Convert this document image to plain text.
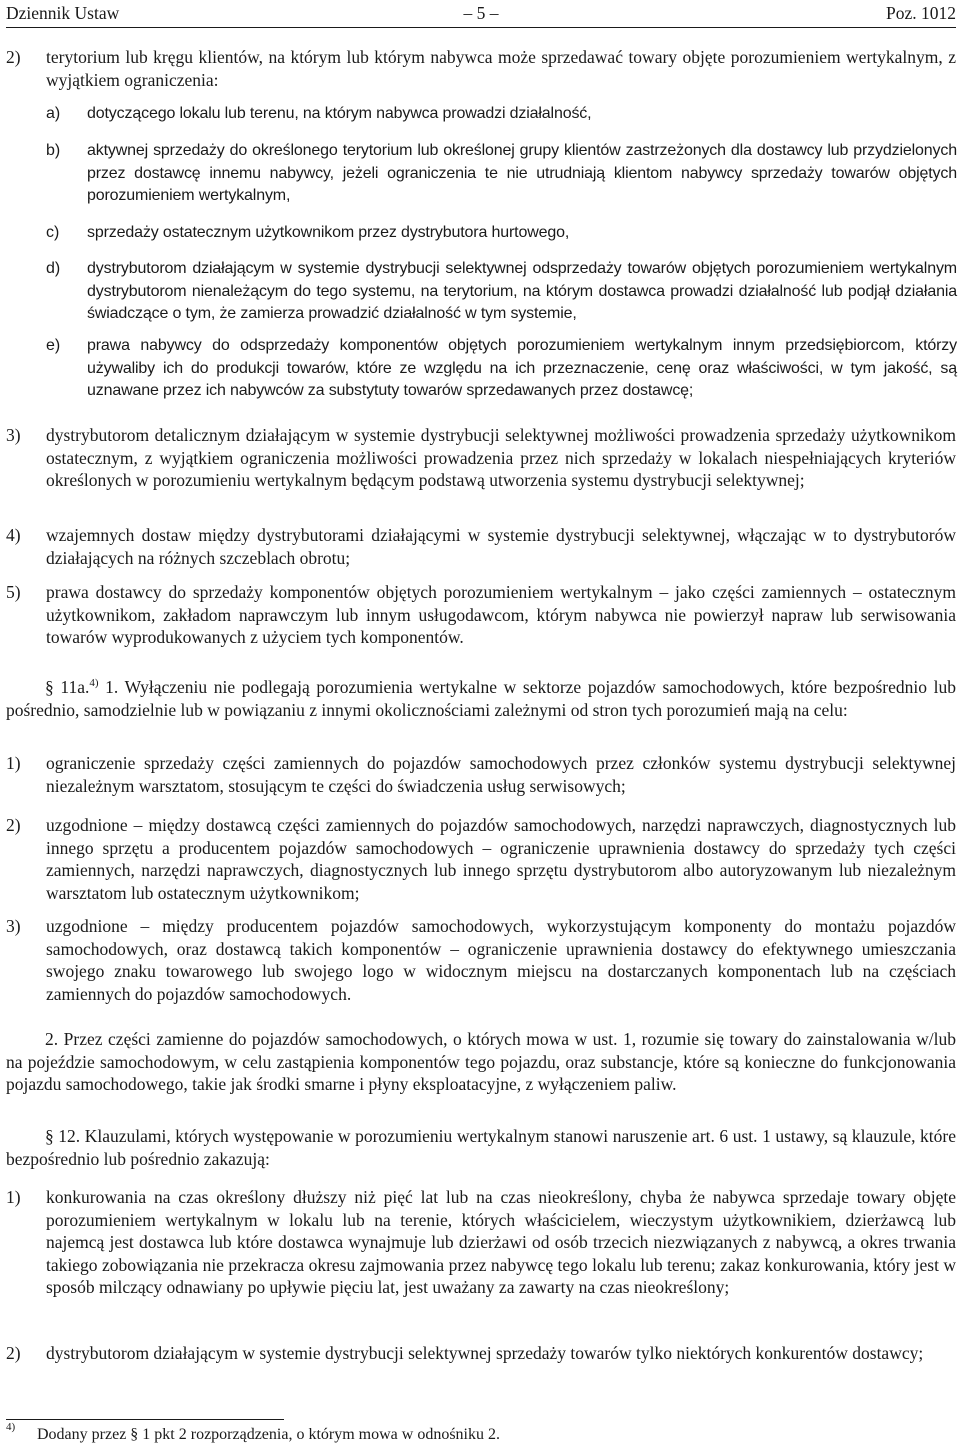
Dziennik Ustaw	– 5 –	Poz. 1012
2) terytorium lub kręgu klientów, na którym lub którym nabywca może sprzedawać towary objęte porozumieniem wertykalnym, z wyjątkiem ograniczenia:
a) dotyczącego lokalu lub terenu, na którym nabywca prowadzi działalność,
b) aktywnej sprzedaży do określonego terytorium lub określonej grupy klientów zastrzeżonych dla dostawcy lub przydzielonych przez dostawcę innemu nabywcy, jeżeli ograniczenia te nie utrudniają klientom nabywcy sprzedaży towarów objętych porozumieniem wertykalnym,
c) sprzedaży ostatecznym użytkownikom przez dystrybutora hurtowego,
d) dystrybutorom działającym w systemie dystrybucji selektywnej odsprzedaży towarów objętych porozumieniem wertykalnym dystrybutorom nienależącym do tego systemu, na terytorium, na którym dostawca prowadzi działalność lub podjął działania świadczące o tym, że zamierza prowadzić działalność w tym systemie,
e) prawa nabywcy do odsprzedaży komponentów objętych porozumieniem wertykalnym innym przedsiębiorcom, którzy używaliby ich do produkcji towarów, które ze względu na ich przeznaczenie, cenę oraz właściwości, w tym jakość, są uznawane przez ich nabywców za substytuty towarów sprzedawanych przez dostawcę;
3) dystrybutorom detalicznym działającym w systemie dystrybucji selektywnej możliwości prowadzenia sprzedaży użytkownikom ostatecznym, z wyjątkiem ograniczenia możliwości prowadzenia przez nich sprzedaży w lokalach niespełniających kryteriów określonych w porozumieniu wertykalnym będącym podstawą utworzenia systemu dystrybucji selektywnej;
4) wzajemnych dostaw między dystrybutorami działającymi w systemie dystrybucji selektywnej, włączając w to dystrybutorów działających na różnych szczeblach obrotu;
5) prawa dostawcy do sprzedaży komponentów objętych porozumieniem wertykalnym – jako części zamiennych – ostatecznym użytkownikom, zakładom naprawczym lub innym usługodawcom, którym nabywca nie powierzył napraw lub serwisowania towarów wyprodukowanych z użyciem tych komponentów.
§ 11a.$^{4)}$ 1. Wyłączeniu nie podlegają porozumienia wertykalne w sektorze pojazdów samochodowych, które bezpośrednio lub pośrednio, samodzielnie lub w powiązaniu z innymi okolicznościami zależnymi od stron tych porozumień mają na celu:
1) ograniczenie sprzedaży części zamiennych do pojazdów samochodowych przez członków systemu dystrybucji selektywnej niezależnym warsztatom, stosującym te części do świadczenia usług serwisowych;
2) uzgodnione – między dostawcą części zamiennych do pojazdów samochodowych, narzędzi naprawczych, diagnostycznych lub innego sprzętu a producentem pojazdów samochodowych – ograniczenie uprawnienia dostawcy do sprzedaży tych części zamiennych, narzędzi naprawczych, diagnostycznych lub innego sprzętu dystrybutorom albo autoryzowanym lub niezależnym warsztatom lub ostatecznym użytkownikom;
3) uzgodnione – między producentem pojazdów samochodowych, wykorzystującym komponenty do montażu pojazdów samochodowych, oraz dostawcą takich komponentów – ograniczenie uprawnienia dostawcy do efektywnego umieszczania swojego znaku towarowego lub swojego logo w widocznym miejscu na dostarczanych komponentach lub na częściach zamiennych do pojazdów samochodowych.
2. Przez części zamienne do pojazdów samochodowych, o których mowa w ust. 1, rozumie się towary do zainstalowania w/lub na pojeździe samochodowym, w celu zastąpienia komponentów tego pojazdu, oraz substancje, które są konieczne do funkcjonowania pojazdu samochodowego, takie jak środki smarne i płyny eksploatacyjne, z wyłączeniem paliw.
§ 12. Klauzulami, których występowanie w porozumieniu wertykalnym stanowi naruszenie art. 6 ust. 1 ustawy, są klauzule, które bezpośrednio lub pośrednio zakazują:
1) konkurowania na czas określony dłuższy niż pięć lat lub na czas nieokreślony, chyba że nabywca sprzedaje towary objęte porozumieniem wertykalnym w lokalu lub na terenie, których właścicielem, wieczystym użytkownikiem, dzierżawcą lub najemcą jest dostawca lub które dostawca wynajmuje lub dzierżawi od osób trzecich niezwiązanych z nabywcą, a okres trwania takiego zobowiązania nie przekracza okresu zajmowania przez nabywcę tego lokalu lub terenu; zakaz konkurowania, który jest w sposób milczący odnawiany po upływie pięciu lat, jest uważany za zawarty na czas nieokreślony;
2) dystrybutorom działającym w systemie dystrybucji selektywnej sprzedaży towarów tylko niektórych konkurentów dostawcy;
4) Dodany przez § 1 pkt 2 rozporządzenia, o którym mowa w odnośniku 2.
